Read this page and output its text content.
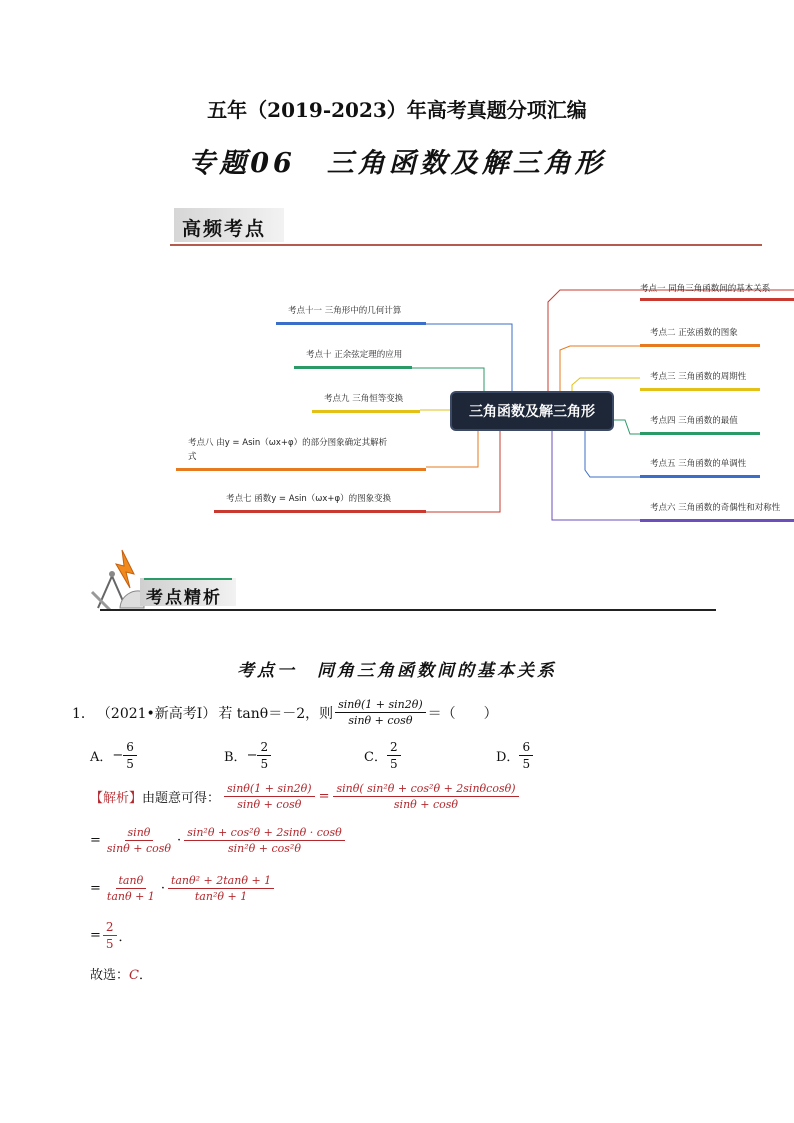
五年（2019-2023）年高考真题分项汇编
专题06　三角函数及解三角形
高频考点
三角函数及解三角形
考点一 同角三角函数间的基本关系
考点二 正弦函数的图象
考点三 三角函数的周期性
考点四 三角函数的最值
考点五 三角函数的单调性
考点六 三角函数的奇偶性和对称性
考点十一 三角形中的几何计算
考点十 正余弦定理的应用
考点九 三角恒等变换
考点八 由y = Asin（ωx+φ）的部分图象确定其解析
式
考点七 函数y = Asin（ωx+φ）的图象变换
考点精析
考点一　同角三角函数间的基本关系
1． （2021•新高考Ⅰ） 若 tanθ＝－2，则 $\frac{\sin\theta(1 + \sin 2\theta)}{\sin\theta + \cos\theta}$ ＝（　　）
A． − $\frac{6}{5}$	B． − $\frac{2}{5}$	C． $\frac{2}{5}$	D． $\frac{6}{5}$
【解析】 由题意可得： $\frac{\sin\theta(1 + \sin 2\theta)}{\sin\theta + \cos\theta} = \frac{\text{sinθ( sin²θ + cos²θ + 2sinθcosθ)}}{\sin\theta + \cos\theta}$
= $\frac{\sin\theta}{\sin\theta + \cos\theta} \cdot \frac{\text{sin²θ + cos²θ + 2sinθ · cosθ}}{\text{sin²θ + cos²θ}}$
= $\frac{\tan\theta}{\tan\theta + 1} \cdot \frac{\text{tanθ² + 2tanθ + 1}}{\text{tan²θ + 1}}$
= $\frac{2}{5}$ ．
故选：C．
